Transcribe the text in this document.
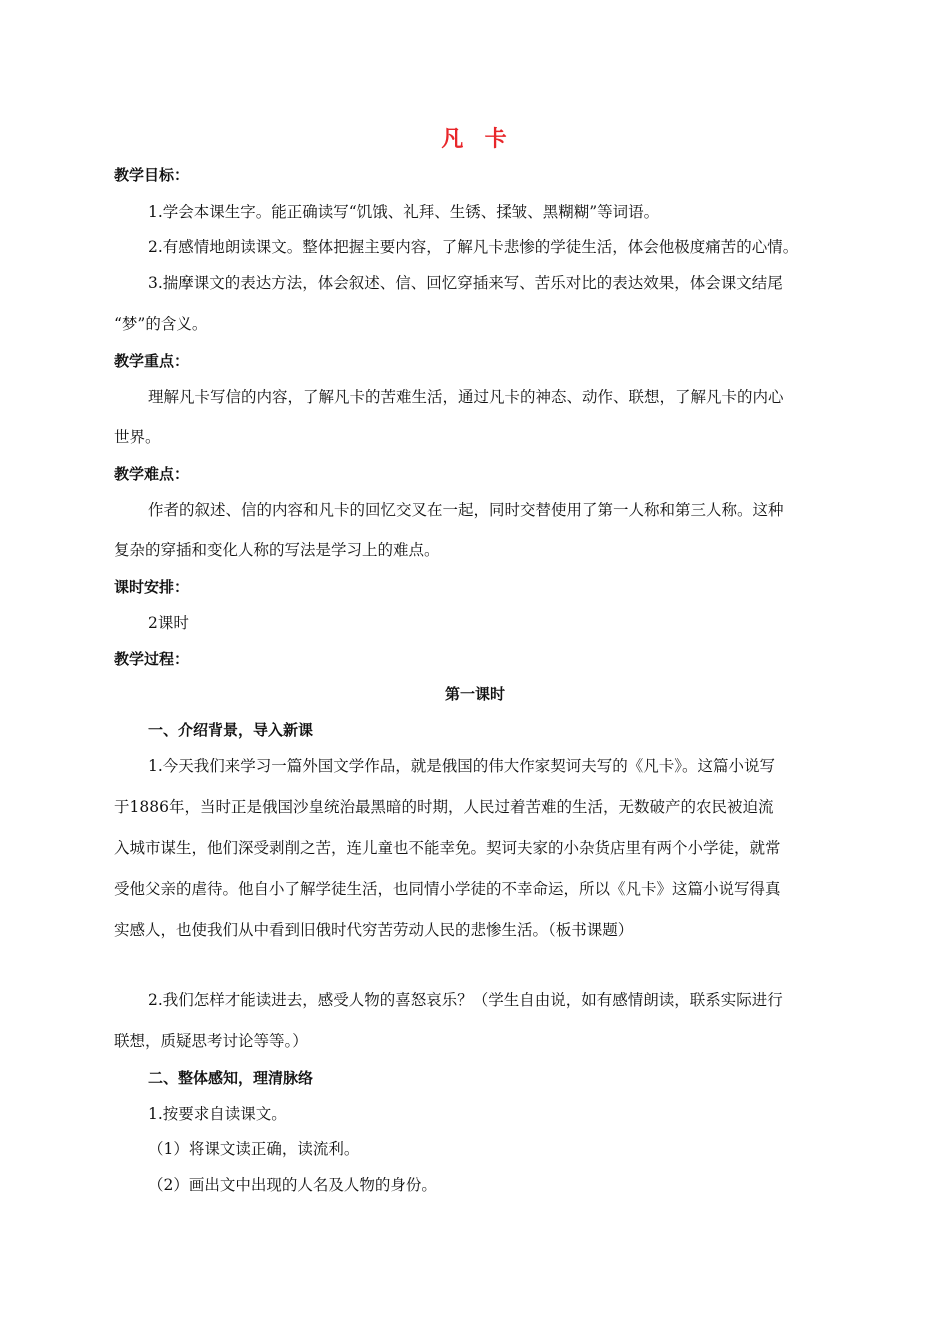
凡  卡
教学目标：
1.学会本课生字。能正确读写“饥饿、礼拜、生锈、揉皱、黑糊糊”等词语。
2.有感情地朗读课文。整体把握主要内容，了解凡卡悲惨的学徒生活，体会他极度痛苦的心情。
3.揣摩课文的表达方法，体会叙述、信、回忆穿插来写、苦乐对比的表达效果，体会课文结尾
“梦”的含义。
教学重点：
理解凡卡写信的内容，了解凡卡的苦难生活，通过凡卡的神态、动作、联想，了解凡卡的内心
世界。
教学难点：
作者的叙述、信的内容和凡卡的回忆交叉在一起，同时交替使用了第一人称和第三人称。这种
复杂的穿插和变化人称的写法是学习上的难点。
课时安排：
2课时
教学过程：
第一课时
一、介绍背景，导入新课
1.今天我们来学习一篇外国文学作品，就是俄国的伟大作家契诃夫写的《凡卡》。这篇小说写
于1886年，当时正是俄国沙皇统治最黑暗的时期，人民过着苦难的生活，无数破产的农民被迫流
入城市谋生，他们深受剥削之苦，连儿童也不能幸免。契诃夫家的小杂货店里有两个小学徒，就常
受他父亲的虐待。他自小了解学徒生活，也同情小学徒的不幸命运，所以《凡卡》这篇小说写得真
实感人，也使我们从中看到旧俄时代穷苦劳动人民的悲惨生活。（板书课题）
2.我们怎样才能读进去，感受人物的喜怒哀乐？（学生自由说，如有感情朗读，联系实际进行
联想，质疑思考讨论等等。）
二、整体感知，理清脉络
1.按要求自读课文。
（1）将课文读正确，读流利。
（2）画出文中出现的人名及人物的身份。
